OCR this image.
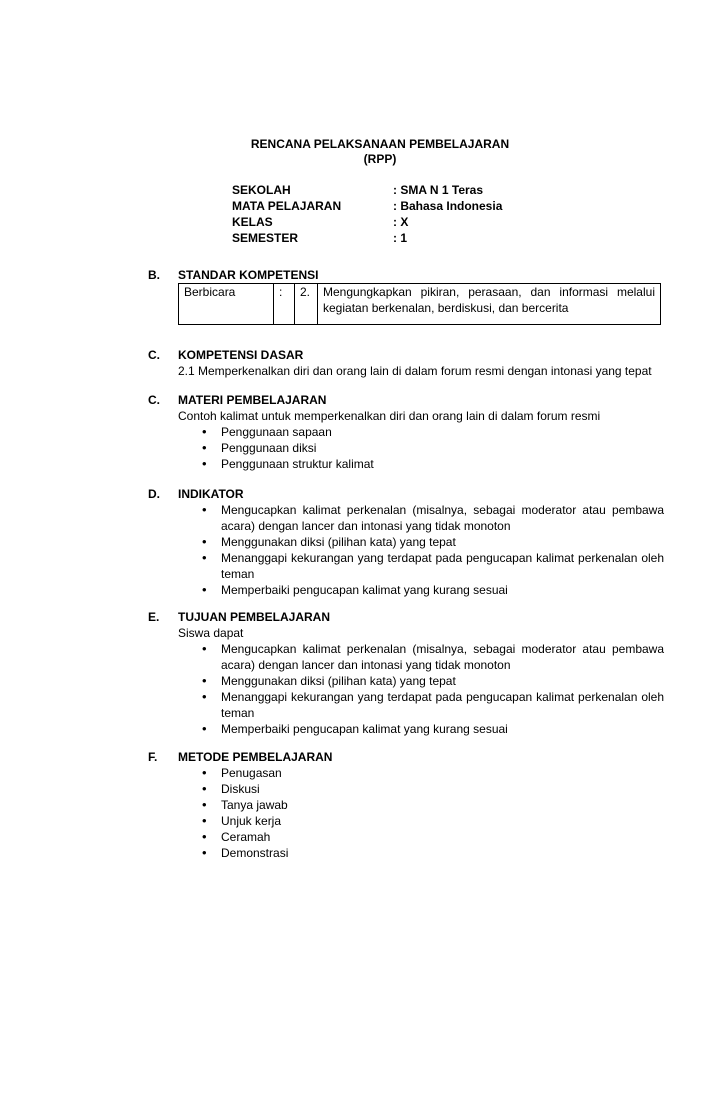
RENCANA PELAKSANAAN PEMBELAJARAN
(RPP)
SEKOLAH	: SMA N 1 Teras
MATA PELAJARAN	: Bahasa Indonesia
KELAS	: X
SEMESTER	: 1
B. STANDAR KOMPETENSI
Berbicara	:	2.	Mengungkapkan pikiran, perasaan, dan informasi melalui kegiatan berkenalan, berdiskusi, dan bercerita
C. KOMPETENSI DASAR
2.1 Memperkenalkan diri dan orang lain di dalam forum resmi dengan intonasi yang tepat
C. MATERI PEMBELAJARAN
Contoh kalimat untuk memperkenalkan diri dan orang lain di dalam forum resmi
• Penggunaan sapaan
• Penggunaan diksi
• Penggunaan struktur kalimat
D. INDIKATOR
• Mengucapkan kalimat perkenalan (misalnya, sebagai moderator atau pembawa acara) dengan lancer dan intonasi yang tidak monoton
• Menggunakan diksi (pilihan kata) yang tepat
• Menanggapi kekurangan yang terdapat pada pengucapan kalimat perkenalan oleh teman
• Memperbaiki pengucapan kalimat yang kurang sesuai
E. TUJUAN PEMBELAJARAN
Siswa dapat
• Mengucapkan kalimat perkenalan (misalnya, sebagai moderator atau pembawa acara) dengan lancer dan intonasi yang tidak monoton
• Menggunakan diksi (pilihan kata) yang tepat
• Menanggapi kekurangan yang terdapat pada pengucapan kalimat perkenalan oleh teman
• Memperbaiki pengucapan kalimat yang kurang sesuai
F. METODE PEMBELAJARAN
• Penugasan
• Diskusi
• Tanya jawab
• Unjuk kerja
• Ceramah
• Demonstrasi
